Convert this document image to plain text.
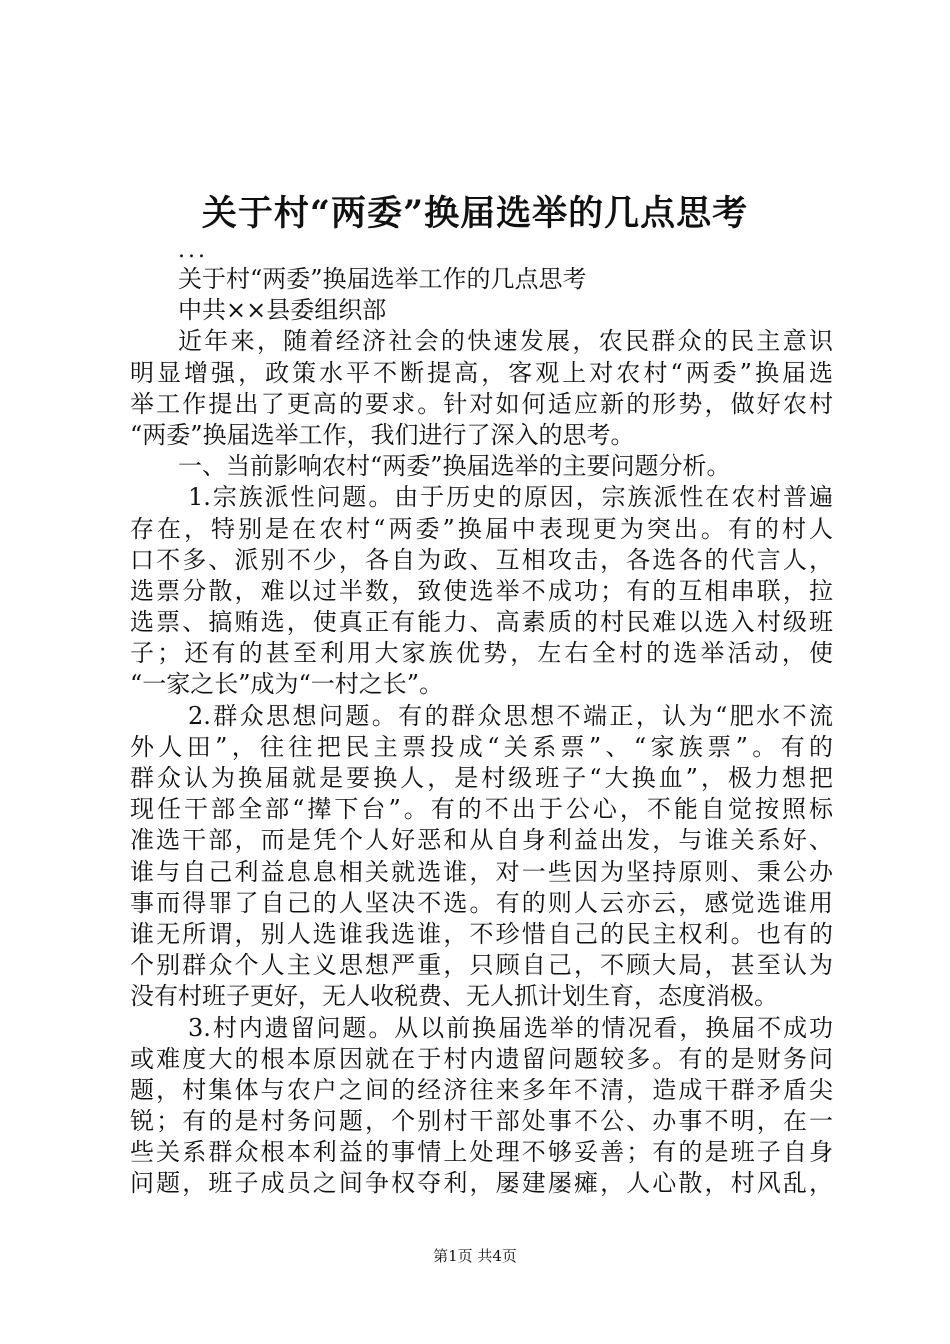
关于村“两委”换届选举的几点思考
...
关于村“两委”换届选举工作的几点思考
中共××县委组织部
近年来，随着经济社会的快速发展，农民群众的民主意识
明显增强，政策水平不断提高，客观上对农村“两委”换届选
举工作提出了更高的要求。针对如何适应新的形势，做好农村
“两委”换届选举工作，我们进行了深入的思考。
一、当前影响农村“两委”换届选举的主要问题分析。
1.宗族派性问题。由于历史的原因，宗族派性在农村普遍
存在，特别是在农村“两委”换届中表现更为突出。有的村人
口不多、派别不少，各自为政、互相攻击，各选各的代言人，
选票分散，难以过半数，致使选举不成功；有的互相串联，拉
选票、搞贿选，使真正有能力、高素质的村民难以选入村级班
子；还有的甚至利用大家族优势，左右全村的选举活动，使
“一家之长”成为“一村之长”。
2.群众思想问题。有的群众思想不端正，认为“肥水不流
外人田”，往往把民主票投成“关系票”、“家族票”。有的
群众认为换届就是要换人，是村级班子“大换血”，极力想把
现任干部全部“撵下台”。有的不出于公心，不能自觉按照标
准选干部，而是凭个人好恶和从自身利益出发，与谁关系好、
谁与自己利益息息相关就选谁，对一些因为坚持原则、秉公办
事而得罪了自己的人坚决不选。有的则人云亦云，感觉选谁用
谁无所谓，别人选谁我选谁，不珍惜自己的民主权利。也有的
个别群众个人主义思想严重，只顾自己，不顾大局，甚至认为
没有村班子更好，无人收税费、无人抓计划生育，态度消极。
3.村内遗留问题。从以前换届选举的情况看，换届不成功
或难度大的根本原因就在于村内遗留问题较多。有的是财务问
题，村集体与农户之间的经济往来多年不清，造成干群矛盾尖
锐；有的是村务问题，个别村干部处事不公、办事不明，在一
些关系群众根本利益的事情上处理不够妥善；有的是班子自身
问题，班子成员之间争权夺利，屡建屡瘫，人心散，村风乱，
第1页 共4页
